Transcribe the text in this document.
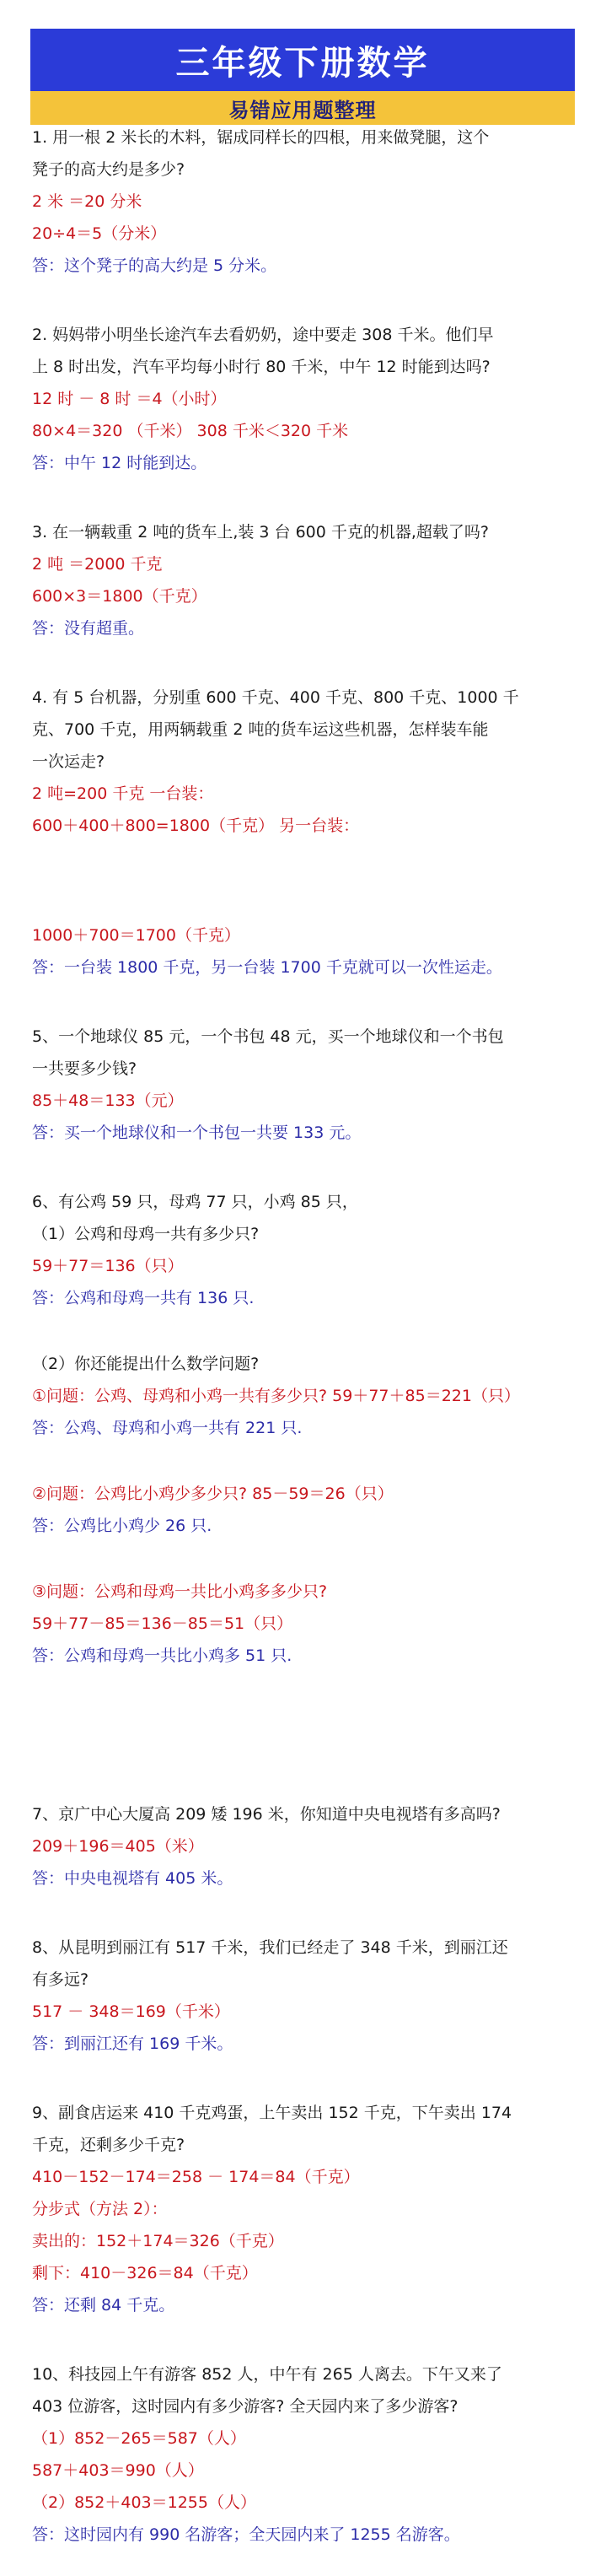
三年级下册数学
易错应用题整理
1. 用一根 2 米长的木料，锯成同样长的四根，用来做凳腿，这个
凳子的高大约是多少?
2 米 ＝20 分米
20÷4＝5（分米）
答：这个凳子的高大约是 5 分米。
2. 妈妈带小明坐长途汽车去看奶奶，途中要走 308 千米。他们早
上 8 时出发，汽车平均每小时行 80 千米，中午 12 时能到达吗?
12 时 － 8 时 ＝4（小时）
80×4＝320 （千米） 308 千米＜320 千米
答：中午 12 时能到达。
3. 在一辆载重 2 吨的货车上,装 3 台 600 千克的机器,超载了吗?
2 吨 ＝2000 千克
600×3＝1800（千克）
答：没有超重。
4. 有 5 台机器，分别重 600 千克、400 千克、800 千克、1000 千
克、700 千克，用两辆载重 2 吨的货车运这些机器，怎样装车能
一次运走?
2 吨=200 千克 一台装：
600＋400＋800=1800（千克） 另一台装：
1000＋700＝1700（千克）
答：一台装 1800 千克，另一台装 1700 千克就可以一次性运走。
5、一个地球仪 85 元，一个书包 48 元，买一个地球仪和一个书包
一共要多少钱?
85＋48＝133（元）
答：买一个地球仪和一个书包一共要 133 元。
6、有公鸡 59 只，母鸡 77 只，小鸡 85 只，
（1）公鸡和母鸡一共有多少只?
59＋77＝136（只）
答：公鸡和母鸡一共有 136 只.
（2）你还能提出什么数学问题?
①问题：公鸡、母鸡和小鸡一共有多少只? 59＋77＋85＝221（只）
答：公鸡、母鸡和小鸡一共有 221 只.
②问题：公鸡比小鸡少多少只? 85－59＝26（只）
答：公鸡比小鸡少 26 只.
③问题：公鸡和母鸡一共比小鸡多多少只?
59＋77－85＝136－85＝51（只）
答：公鸡和母鸡一共比小鸡多 51 只.
7、京广中心大厦高 209 矮 196 米，你知道中央电视塔有多高吗?
209＋196＝405（米）
答：中央电视塔有 405 米。
8、从昆明到丽江有 517 千米，我们已经走了 348 千米，到丽江还
有多远?
517 － 348＝169（千米）
答：到丽江还有 169 千米。
9、副食店运来 410 千克鸡蛋，上午卖出 152 千克，下午卖出 174
千克，还剩多少千克?
410－152－174＝258 － 174＝84（千克）
分步式（方法 2）：
卖出的：152＋174＝326（千克）
剩下：410－326＝84（千克）
答：还剩 84 千克。
10、科技园上午有游客 852 人，中午有 265 人离去。下午又来了
403 位游客，这时园内有多少游客? 全天园内来了多少游客?
（1）852－265＝587（人）
587＋403＝990（人）
（2）852＋403＝1255（人）
答：这时园内有 990 名游客；全天园内来了 1255 名游客。
